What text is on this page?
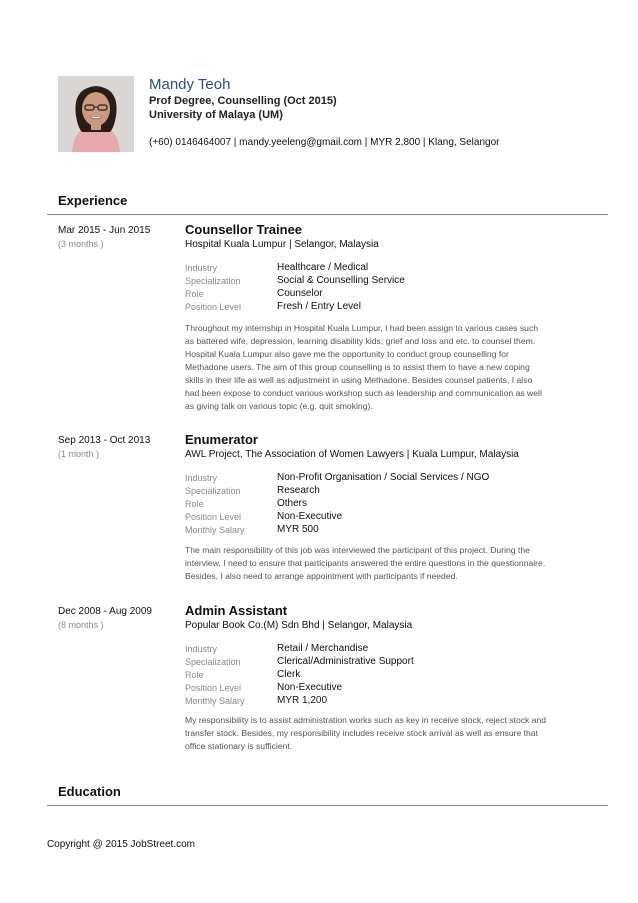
Mandy Teoh
Prof Degree, Counselling (Oct 2015)
University of Malaya (UM)
(+60) 0146464007 | mandy.yeeleng@gmail.com | MYR 2,800 | Klang, Selangor
Experience
Mar 2015 - Jun 2015
(3 months )
Counsellor Trainee
Hospital Kuala Lumpur | Selangor, Malaysia
Industry	Healthcare / Medical
Specialization	Social & Counselling Service
Role	Counselor
Position Level	Fresh / Entry Level
Throughout my internship in Hospital Kuala Lumpur, I had been assign to various cases such
as battered wife, depression, learning disability kids, grief and loss and etc. to counsel them.
Hospital Kuala Lumpur also gave me the opportunity to conduct group counselling for
Methadone users. The aim of this group counselling is to assist them to have a new coping
skills in their life as well as adjustment in using Methadone. Besides counsel patients, I also
had been expose to conduct various workshop such as leadership and communication as well
as giving talk on various topic (e.g. quit smoking).
Sep 2013 - Oct 2013
(1 month )
Enumerator
AWL Project, The Association of Women Lawyers | Kuala Lumpur, Malaysia
Industry	Non-Profit Organisation / Social Services / NGO
Specialization	Research
Role	Others
Position Level	Non-Executive
Monthly Salary	MYR 500
The main responsibility of this job was interviewed the participant of this project. During the
interview, I need to ensure that participants answered the entire questions in the questionnaire.
Besides, I also need to arrange appointment with participants if needed.
Dec 2008 - Aug 2009
(8 months )
Admin Assistant
Popular Book Co.(M) Sdn Bhd | Selangor, Malaysia
Industry	Retail / Merchandise
Specialization	Clerical/Administrative Support
Role	Clerk
Position Level	Non-Executive
Monthly Salary	MYR 1,200
My responsibility is to assist administration works such as key in receive stock, reject stock and
transfer stock. Besides, my responsibility includes receive stock arrival as well as ensure that
office stationary is sufficient.
Education
Copyright @ 2015 JobStreet.com
